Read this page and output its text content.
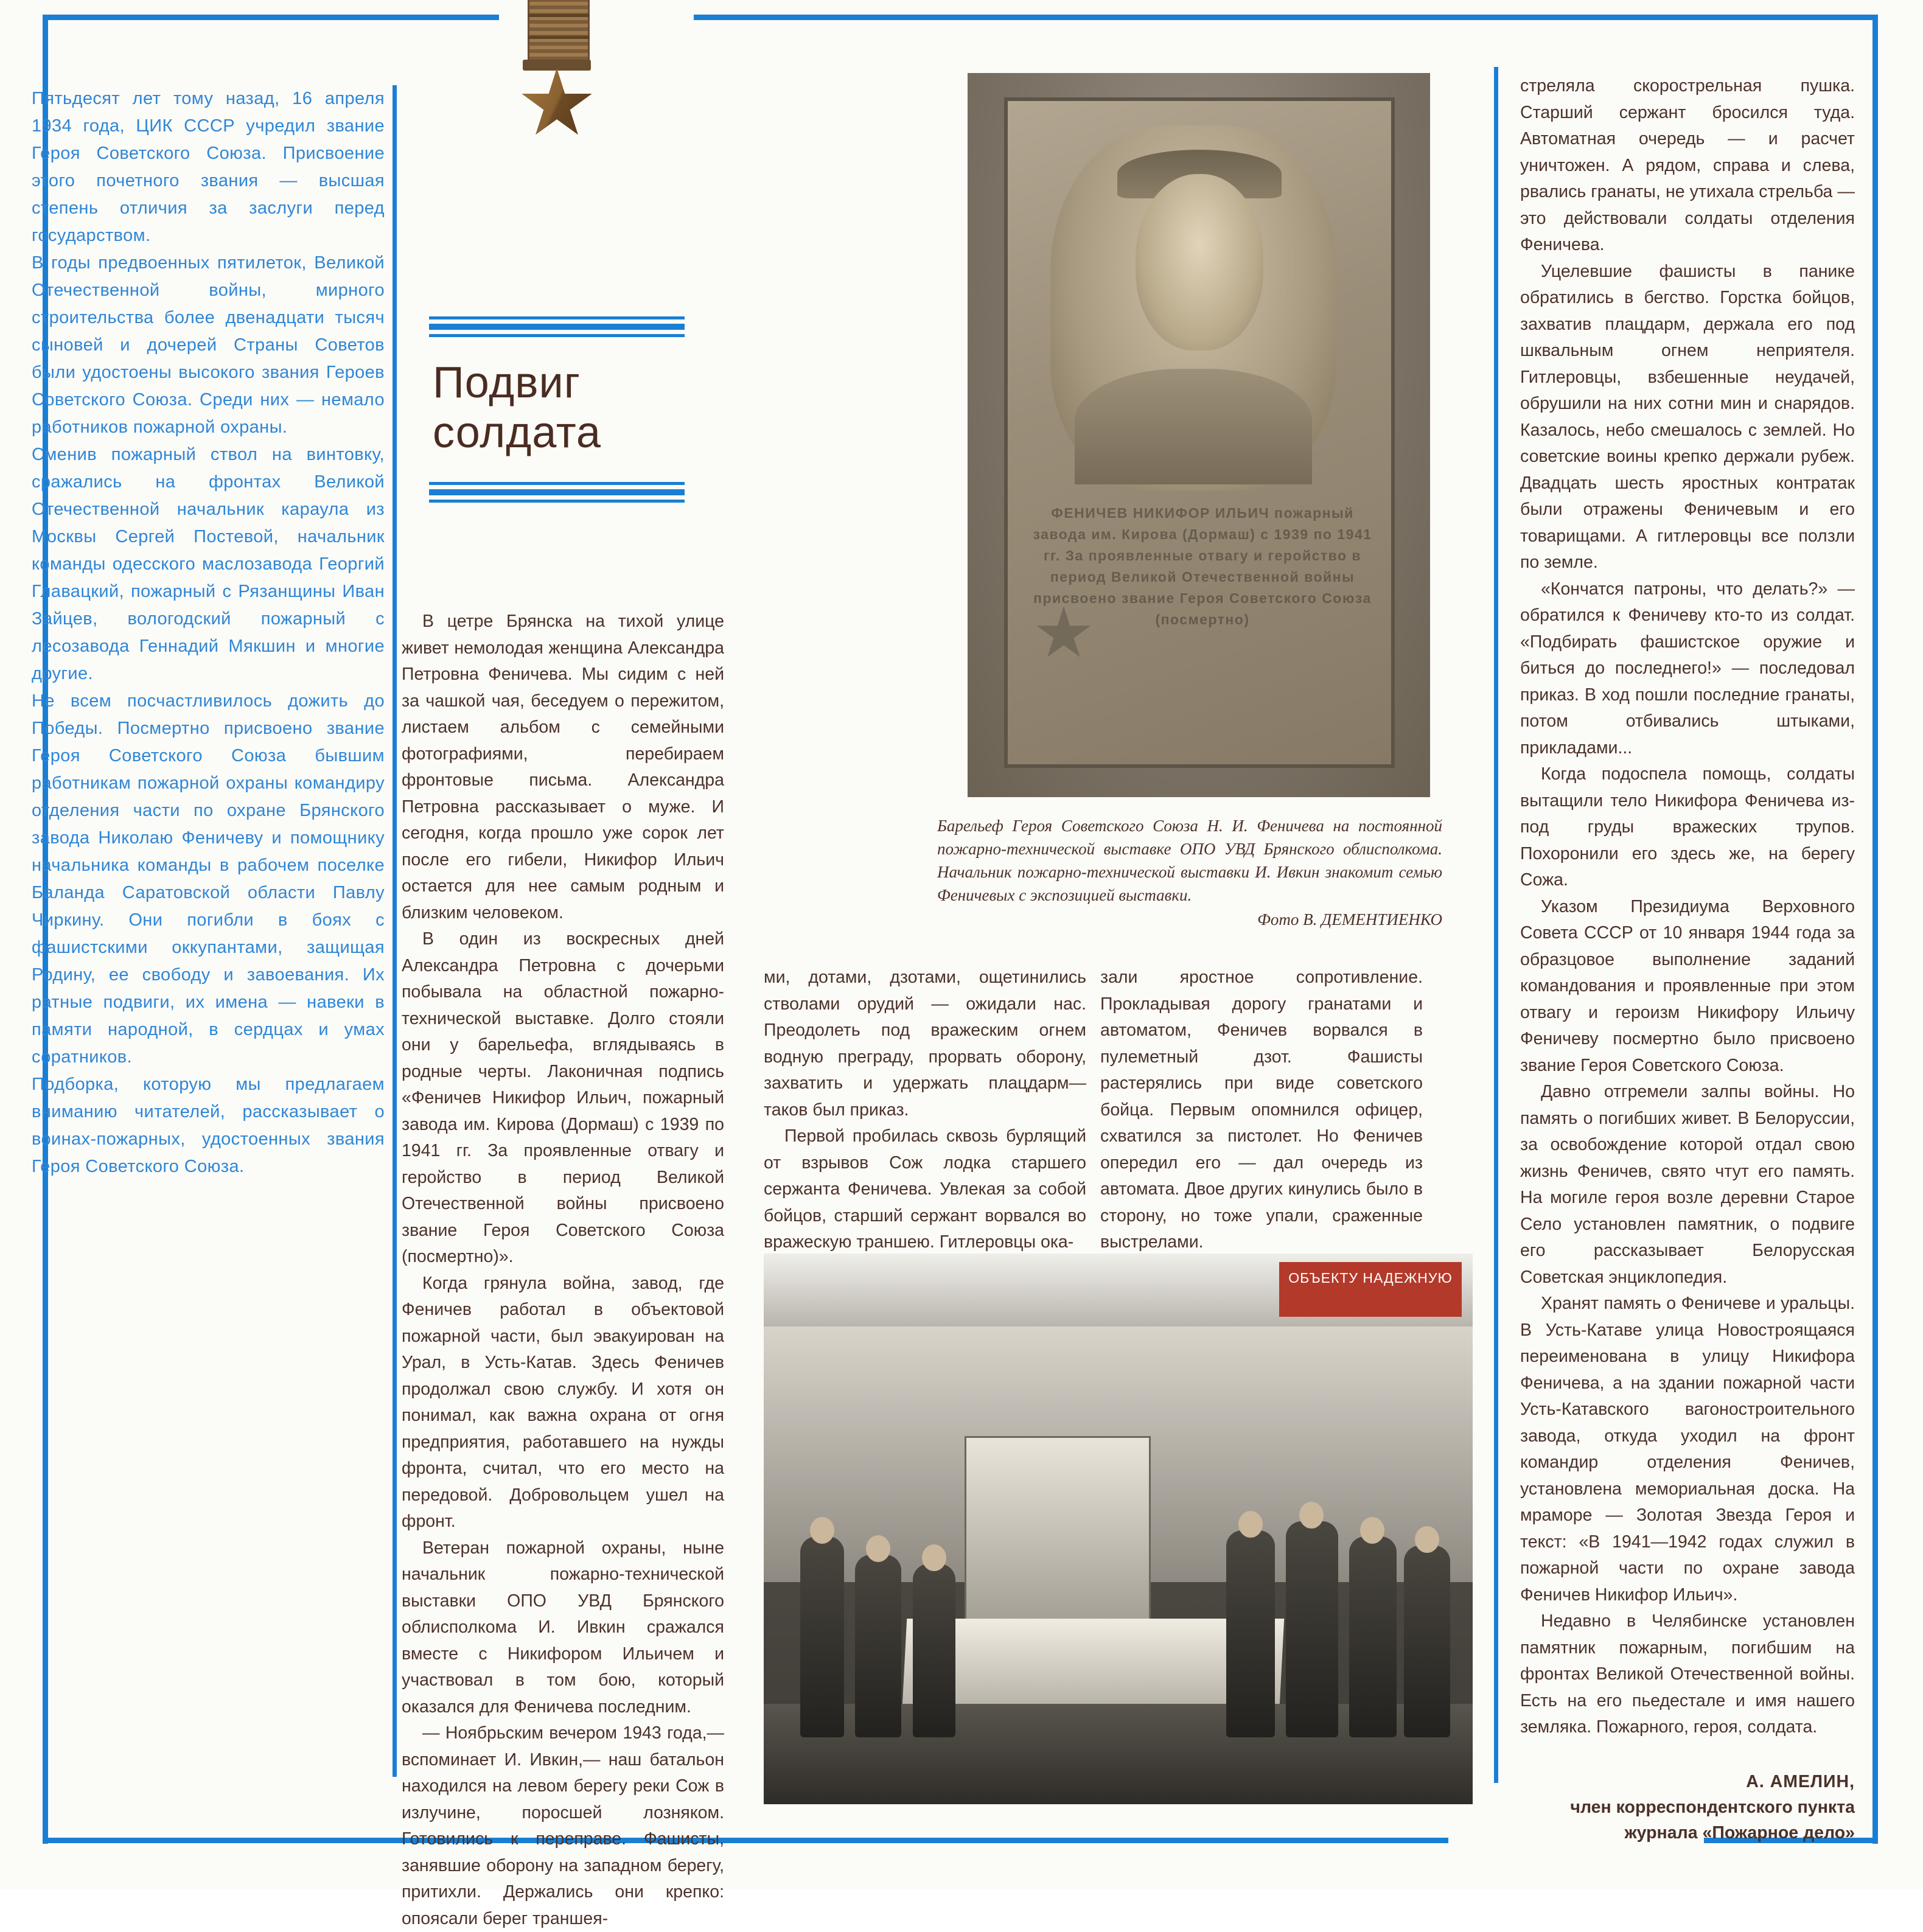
Пятьдесят лет тому назад, 16 апреля 1934 года, ЦИК СССР учредил звание Героя Советского Союза. Присвоение этого почетного звания — высшая степень отличия за заслуги перед государством.

В годы предвоенных пятилеток, Великой Отечественной войны, мирного строительства более двенадцати тысяч сыновей и дочерей Страны Советов были удостоены высокого звания Героев Советского Союза. Среди них — немало работников пожарной охраны.

Сменив пожарный ствол на винтовку, сражались на фронтах Великой Отечественной начальник караула из Москвы Сергей Постевой, начальник команды одесского маслозавода Георгий Главацкий, пожарный с Рязанщины Иван Зайцев, вологодский пожарный с лесозавода Геннадий Мякшин и многие другие.

Не всем посчастливилось дожить до Победы. Посмертно присвоено звание Героя Советского Союза бывшим работникам пожарной охраны командиру отделения части по охране Брянского завода Николаю Феничеву и помощнику начальника команды в рабочем поселке Баланда Саратовской области Павлу Чиркину. Они погибли в боях с фашистскими оккупантами, защищая Родину, ее свободу и завоевания. Их ратные подвиги, их имена — навеки в памяти народной, в сердцах и умах соратников.

Подборка, которую мы предлагаем вниманию читателей, рассказывает о воинах-пожарных, удостоенных звания Героя Советского Союза.

Подвиг
солдата

В цетре Брянска на тихой улице живет немолодая женщина Александра Петровна Феничева. Мы сидим с ней за чашкой чая, беседуем о пережитом, листаем альбом с семейными фотографиями, перебираем фронтовые письма. Александра Петровна рассказывает о муже. И сегодня, когда прошло уже сорок лет после его гибели, Никифор Ильич остается для нее самым родным и близким человеком.

В один из воскресных дней Александра Петровна с дочерьми побывала на областной пожарно-технической выставке. Долго стояли они у барельефа, вглядываясь в родные черты. Лаконичная подпись «Феничев Никифор Ильич, пожарный завода им. Кирова (Дормаш) с 1939 по 1941 гг. За проявленные отвагу и геройство в период Великой Отечественной войны присвоено звание Героя Советского Союза (посмертно)».

Когда грянула война, завод, где Феничев работал в объектовой пожарной части, был эвакуирован на Урал, в Усть-Катав. Здесь Феничев продолжал свою службу. И хотя он понимал, как важна охрана от огня предприятия, работавшего на нужды фронта, считал, что его место на передовой. Добровольцем ушел на фронт.

Ветеран пожарной охраны, ныне начальник пожарно-технической выставки ОПО УВД Брянского облисполкома И. Ивкин сражался вместе с Никифором Ильичем и участвовал в том бою, который оказался для Феничева последним.

— Ноябрьским вечером 1943 года,— вспоминает И. Ивкин,— наш батальон находился на левом берегу реки Сож в излучине, поросшей лозняком. Готовились к переправе. Фашисты, занявшие оборону на западном берегу, притихли. Держались они крепко: опоясали берег траншея-

ФЕНИЧЕВ НИКИФОР ИЛЬИЧ пожарный завода им. Кирова (Дормаш) с 1939 по 1941 гг. За проявленные отвагу и геройство в период Великой Отечественной войны присвоено звание Героя Советского Союза (посмертно)
Барельеф Героя Советского Союза Н. И. Феничева на постоянной пожарно-технической выставке ОПО УВД Брянского облисполкома. Начальник пожарно-технической выставки И. Ивкин знакомит семью Феничевых с экспозицией выставки.
Фото В. ДЕМЕНТИЕНКО

ми, дотами, дзотами, ощетинились стволами орудий — ожидали нас. Преодолеть под вражеским огнем водную преграду, прорвать оборону, захватить и удержать плацдарм— таков был приказ.

Первой пробилась сквозь бурлящий от взрывов Сож лодка старшего сержанта Феничева. Увлекая за собой бойцов, старший сержант ворвался во вражескую траншею. Гитлеровцы ока-

зали яростное сопротивление. Прокладывая дорогу гранатами и автоматом, Феничев ворвался в пулеметный дзот. Фашисты растерялись при виде советского бойца. Первым опомнился офицер, схватился за пистолет. Но Феничев опередил его — дал очередь из автомата. Двое других кинулись было в сторону, но тоже упали, сраженные выстрелами.

ОБЪЕКТУ НАДЕЖНУЮ

стреляла скорострельная пушка. Старший сержант бросился туда. Автоматная очередь — и расчет уничтожен. А рядом, справа и слева, рвались гранаты, не утихала стрельба — это действовали солдаты отделения Феничева.

Уцелевшие фашисты в панике обратились в бегство. Горстка бойцов, захватив плацдарм, держала его под шквальным огнем неприятеля. Гитлеровцы, взбешенные неудачей, обрушили на них сотни мин и снарядов. Казалось, небо смешалось с землей. Но советские воины крепко держали рубеж. Двадцать шесть яростных контратак были отражены Феничевым и его товарищами. А гитлеровцы все ползли по земле.

«Кончатся патроны, что делать?» — обратился к Феничеву кто-то из солдат. «Подбирать фашистское оружие и биться до последнего!» — последовал приказ. В ход пошли последние гранаты, потом отбивались штыками, прикладами...

Когда подоспела помощь, солдаты вытащили тело Никифора Феничева из-под груды вражеских трупов. Похоронили его здесь же, на берегу Сожа.

Указом Президиума Верховного Совета СССР от 10 января 1944 года за образцовое выполнение заданий командования и проявленные при этом отвагу и героизм Никифору Ильичу Феничеву посмертно было присвоено звание Героя Советского Союза.

Давно отгремели залпы войны. Но память о погибших живет. В Белоруссии, за освобождение которой отдал свою жизнь Феничев, свято чтут его память. На могиле героя возле деревни Старое Село установлен памятник, о подвиге его рассказывает Белорусская Советская энциклопедия.

Хранят память о Феничеве и уральцы. В Усть-Катаве улица Новостроящаяся переименована в улицу Никифора Феничева, а на здании пожарной части Усть-Катавского вагоностроительного завода, откуда уходил на фронт командир отделения Феничев, установлена мемориальная доска. На мраморе — Золотая Звезда Героя и текст: «В 1941—1942 годах служил в пожарной части по охране завода Феничев Никифор Ильич».

Недавно в Челябинске установлен памятник пожарным, погибшим на фронтах Великой Отечественной войны. Есть на его пьедестале и имя нашего земляка. Пожарного, героя, солдата.

А. АМЕЛИН,
член корреспондентского пункта
журнала «Пожарное дело»
